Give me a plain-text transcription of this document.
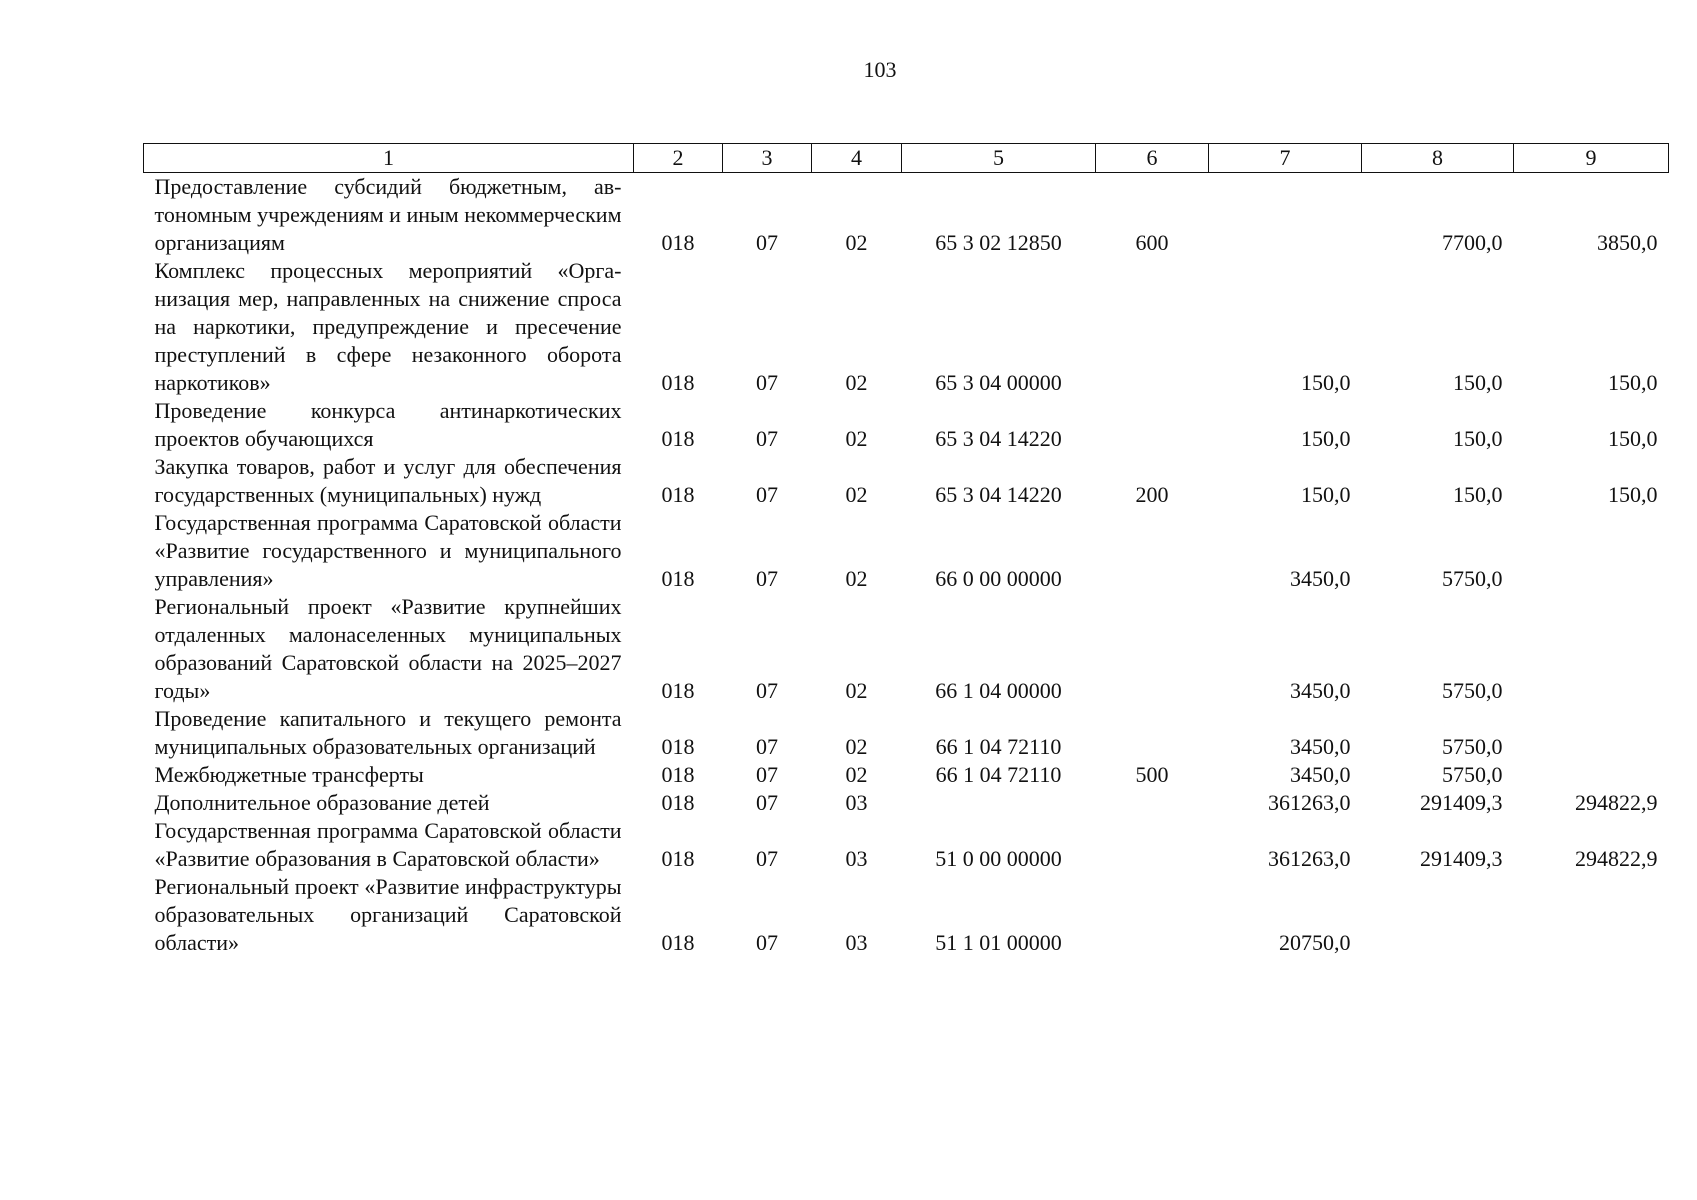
103
1	2	3	4	5	6	7	8	9
Предоставление субсидий бюджетным, автономным учреждениям и иным некоммерческим организациям	018	07	02	65 3 02 12850	600		7700,0	3850,0
Комплекс процессных мероприятий «Организация мер, направленных на снижение спроса на наркотики, предупреждение и пресечение преступлений в сфере незаконного оборота наркотиков»	018	07	02	65 3 04 00000		150,0	150,0	150,0
Проведение конкурса антинаркотических проектов обучающихся	018	07	02	65 3 04 14220		150,0	150,0	150,0
Закупка товаров, работ и услуг для обеспечения государственных (муниципальных) нужд	018	07	02	65 3 04 14220	200	150,0	150,0	150,0
Государственная программа Саратовской области «Развитие государственного и муниципального управления»	018	07	02	66 0 00 00000		3450,0	5750,0	
Региональный проект «Развитие крупнейших отдаленных малонаселенных муниципальных образований Саратовской области на 2025–2027 годы»	018	07	02	66 1 04 00000		3450,0	5750,0	
Проведение капитального и текущего ремонта муниципальных образовательных организаций	018	07	02	66 1 04 72110		3450,0	5750,0	
Межбюджетные трансферты	018	07	02	66 1 04 72110	500	3450,0	5750,0	
Дополнительное образование детей	018	07	03			361263,0	291409,3	294822,9
Государственная программа Саратовской области «Развитие образования в Саратовской области»	018	07	03	51 0 00 00000		361263,0	291409,3	294822,9
Региональный проект «Развитие инфраструктуры образовательных организаций Саратовской области»	018	07	03	51 1 01 00000		20750,0		
